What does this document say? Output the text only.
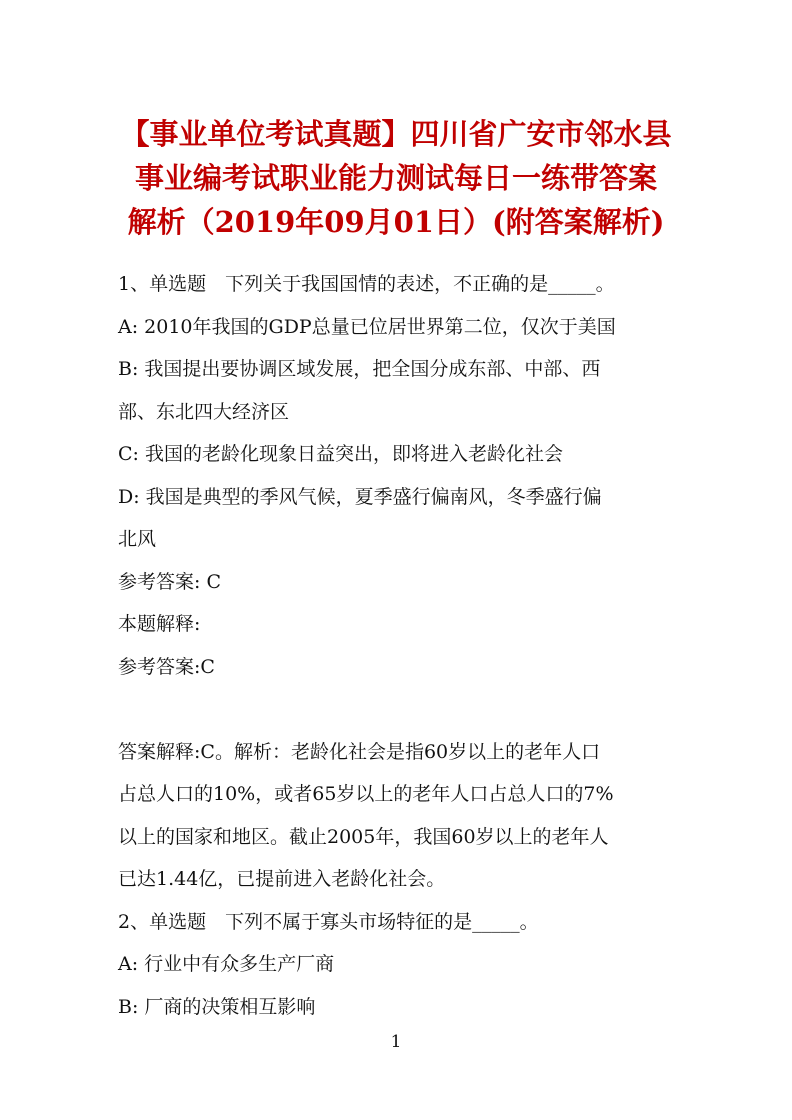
【事业单位考试真题】四川省广安市邻水县
事业编考试职业能力测试每日一练带答案
解析（2019年09月01日）(附答案解析)

1、单选题　下列关于我国国情的表述，不正确的是_____。

A: 2010年我国的GDP总量已位居世界第二位，仅次于美国

B: 我国提出要协调区域发展，把全国分成东部、中部、西

部、东北四大经济区

C: 我国的老龄化现象日益突出，即将进入老龄化社会

D: 我国是典型的季风气候，夏季盛行偏南风，冬季盛行偏

北风

参考答案: C

本题解释:

参考答案:C

答案解释:C。解析：老龄化社会是指60岁以上的老年人口

占总人口的10%，或者65岁以上的老年人口占总人口的7%

以上的国家和地区。截止2005年，我国60岁以上的老年人

已达1.44亿，已提前进入老龄化社会。

2、单选题　下列不属于寡头市场特征的是_____。

A: 行业中有众多生产厂商

B: 厂商的决策相互影响

1
